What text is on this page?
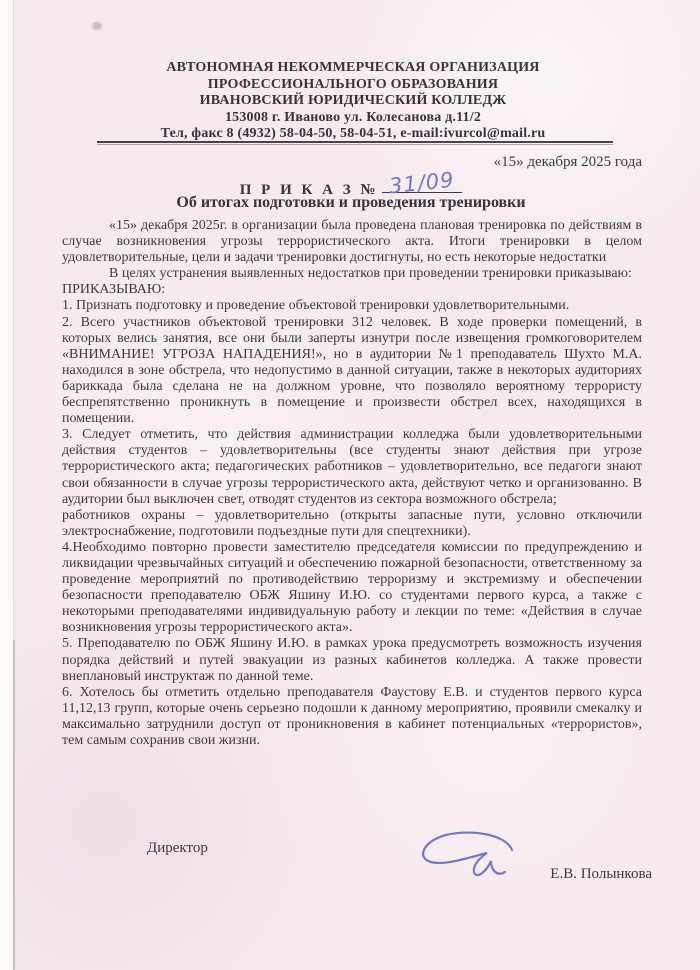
АВТОНОМНАЯ НЕКОММЕРЧЕСКАЯ ОРГАНИЗАЦИЯ
ПРОФЕССИОНАЛЬНОГО ОБРАЗОВАНИЯ
ИВАНОВСКИЙ ЮРИДИЧЕСКИЙ КОЛЛЕДЖ
153008 г. Иваново ул. Колесанова д.11/2
Тел, факс 8 (4932) 58-04-50, 58-04-51, e-mail:ivurcol@mail.ru
«15» декабря 2025 года
П Р И К А З № 31/09
Об итогах подготовки и проведения тренировки

«15» декабря 2025г. в организации была проведена плановая тренировка по действиям в случае возникновения угрозы террористического акта. Итоги тренировки в целом удовлетворительные, цели и задачи тренировки достигнуты, но есть некоторые недостатки

В целях устранения выявленных недостатков при проведении тренировки приказываю:

ПРИКАЗЫВАЮ:

1. Признать подготовку и проведение объектовой тренировки удовлетворительными.

2. Всего участников объектовой тренировки 312 человек. В ходе проверки помещений, в которых велись занятия, все они были заперты изнутри после извещения громкоговорителем «ВНИМАНИЕ! УГРОЗА НАПАДЕНИЯ!», но в аудитории №1 преподаватель Шухто М.А. находился в зоне обстрела, что недопустимо в данной ситуации, также в некоторых аудиториях бариккада была сделана не на должном уровне, что позволяло вероятному террористу беспрепятственно проникнуть в помещение и произвести обстрел всех, находящихся в помещении.

3. Следует отметить, что действия администрации колледжа были удовлетворительными действия студентов – удовлетворительны (все студенты знают действия при угрозе террористического акта; педагогических работников – удовлетворительно, все педагоги знают свои обязанности в случае угрозы террористического акта, действуют четко и организованно. В аудитории был выключен свет, отводят студентов из сектора возможного обстрела;

работников охраны – удовлетворительно (открыты запасные пути, условно отключили электроснабжение, подготовили подъездные пути для спецтехники).

4.Необходимо повторно провести заместителю председателя комиссии по предупреждению и ликвидации чрезвычайных ситуаций и обеспечению пожарной безопасности, ответственному за проведение мероприятий по противодействию терроризму и экстремизму и обеспечении безопасности преподавателю ОБЖ Яшину И.Ю. со студентами первого курса, а также с некоторыми преподавателями индивидуальную работу и лекции по теме: «Действия в случае возникновения угрозы террористического акта».

5. Преподавателю по ОБЖ Яшину И.Ю. в рамках урока предусмотреть возможность изучения порядка действий и путей эвакуации из разных кабинетов колледжа. А также провести внеплановый инструктаж по данной теме.

6. Хотелось бы отметить отдельно преподавателя Фаустову Е.В. и студентов первого курса 11,12,13 групп, которые очень серьезно подошли к данному мероприятию, проявили смекалку и максимально затруднили доступ от проникновения в кабинет потенциальных «террористов», тем самым сохранив свои жизни.

Директор
Е.В. Полынкова
